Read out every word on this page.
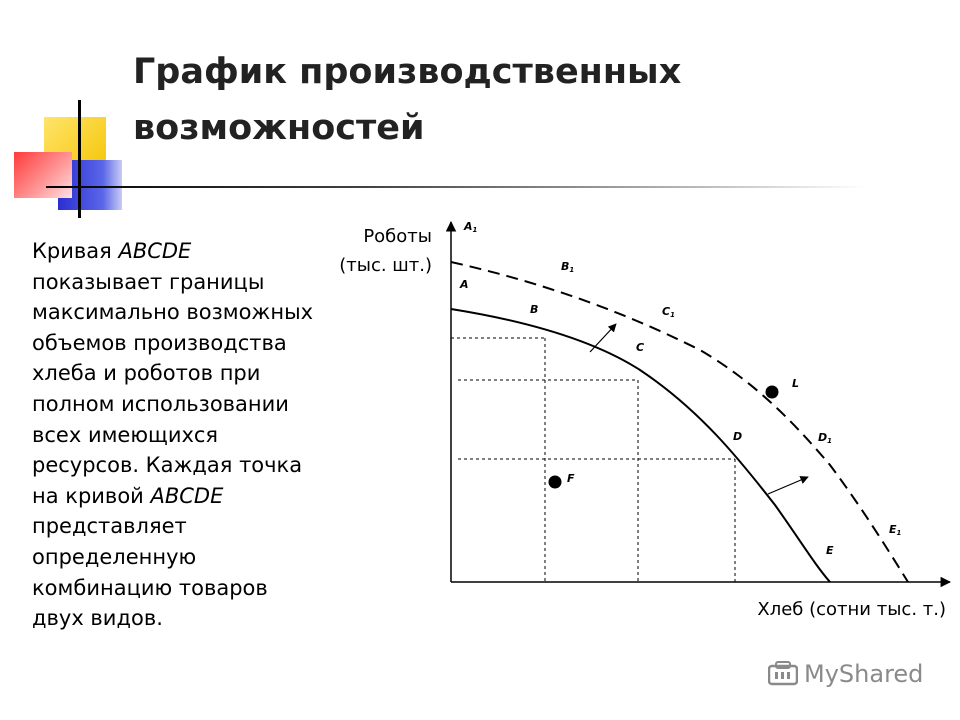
График производственных
возможностей
Кривая ABCDE показывает границы максимально возможных объемов производства хлеба и роботов при полном использовании всех имеющихся ресурсов. Каждая точка на кривой ABCDE представляет определенную комбинацию товаров двух видов.
Роботы
(тыс. шт.)
Хлеб (сотни тыс. т.)
A
B
C
D
E
F
L
A1
B1
C1
D1
E1
MyShared
